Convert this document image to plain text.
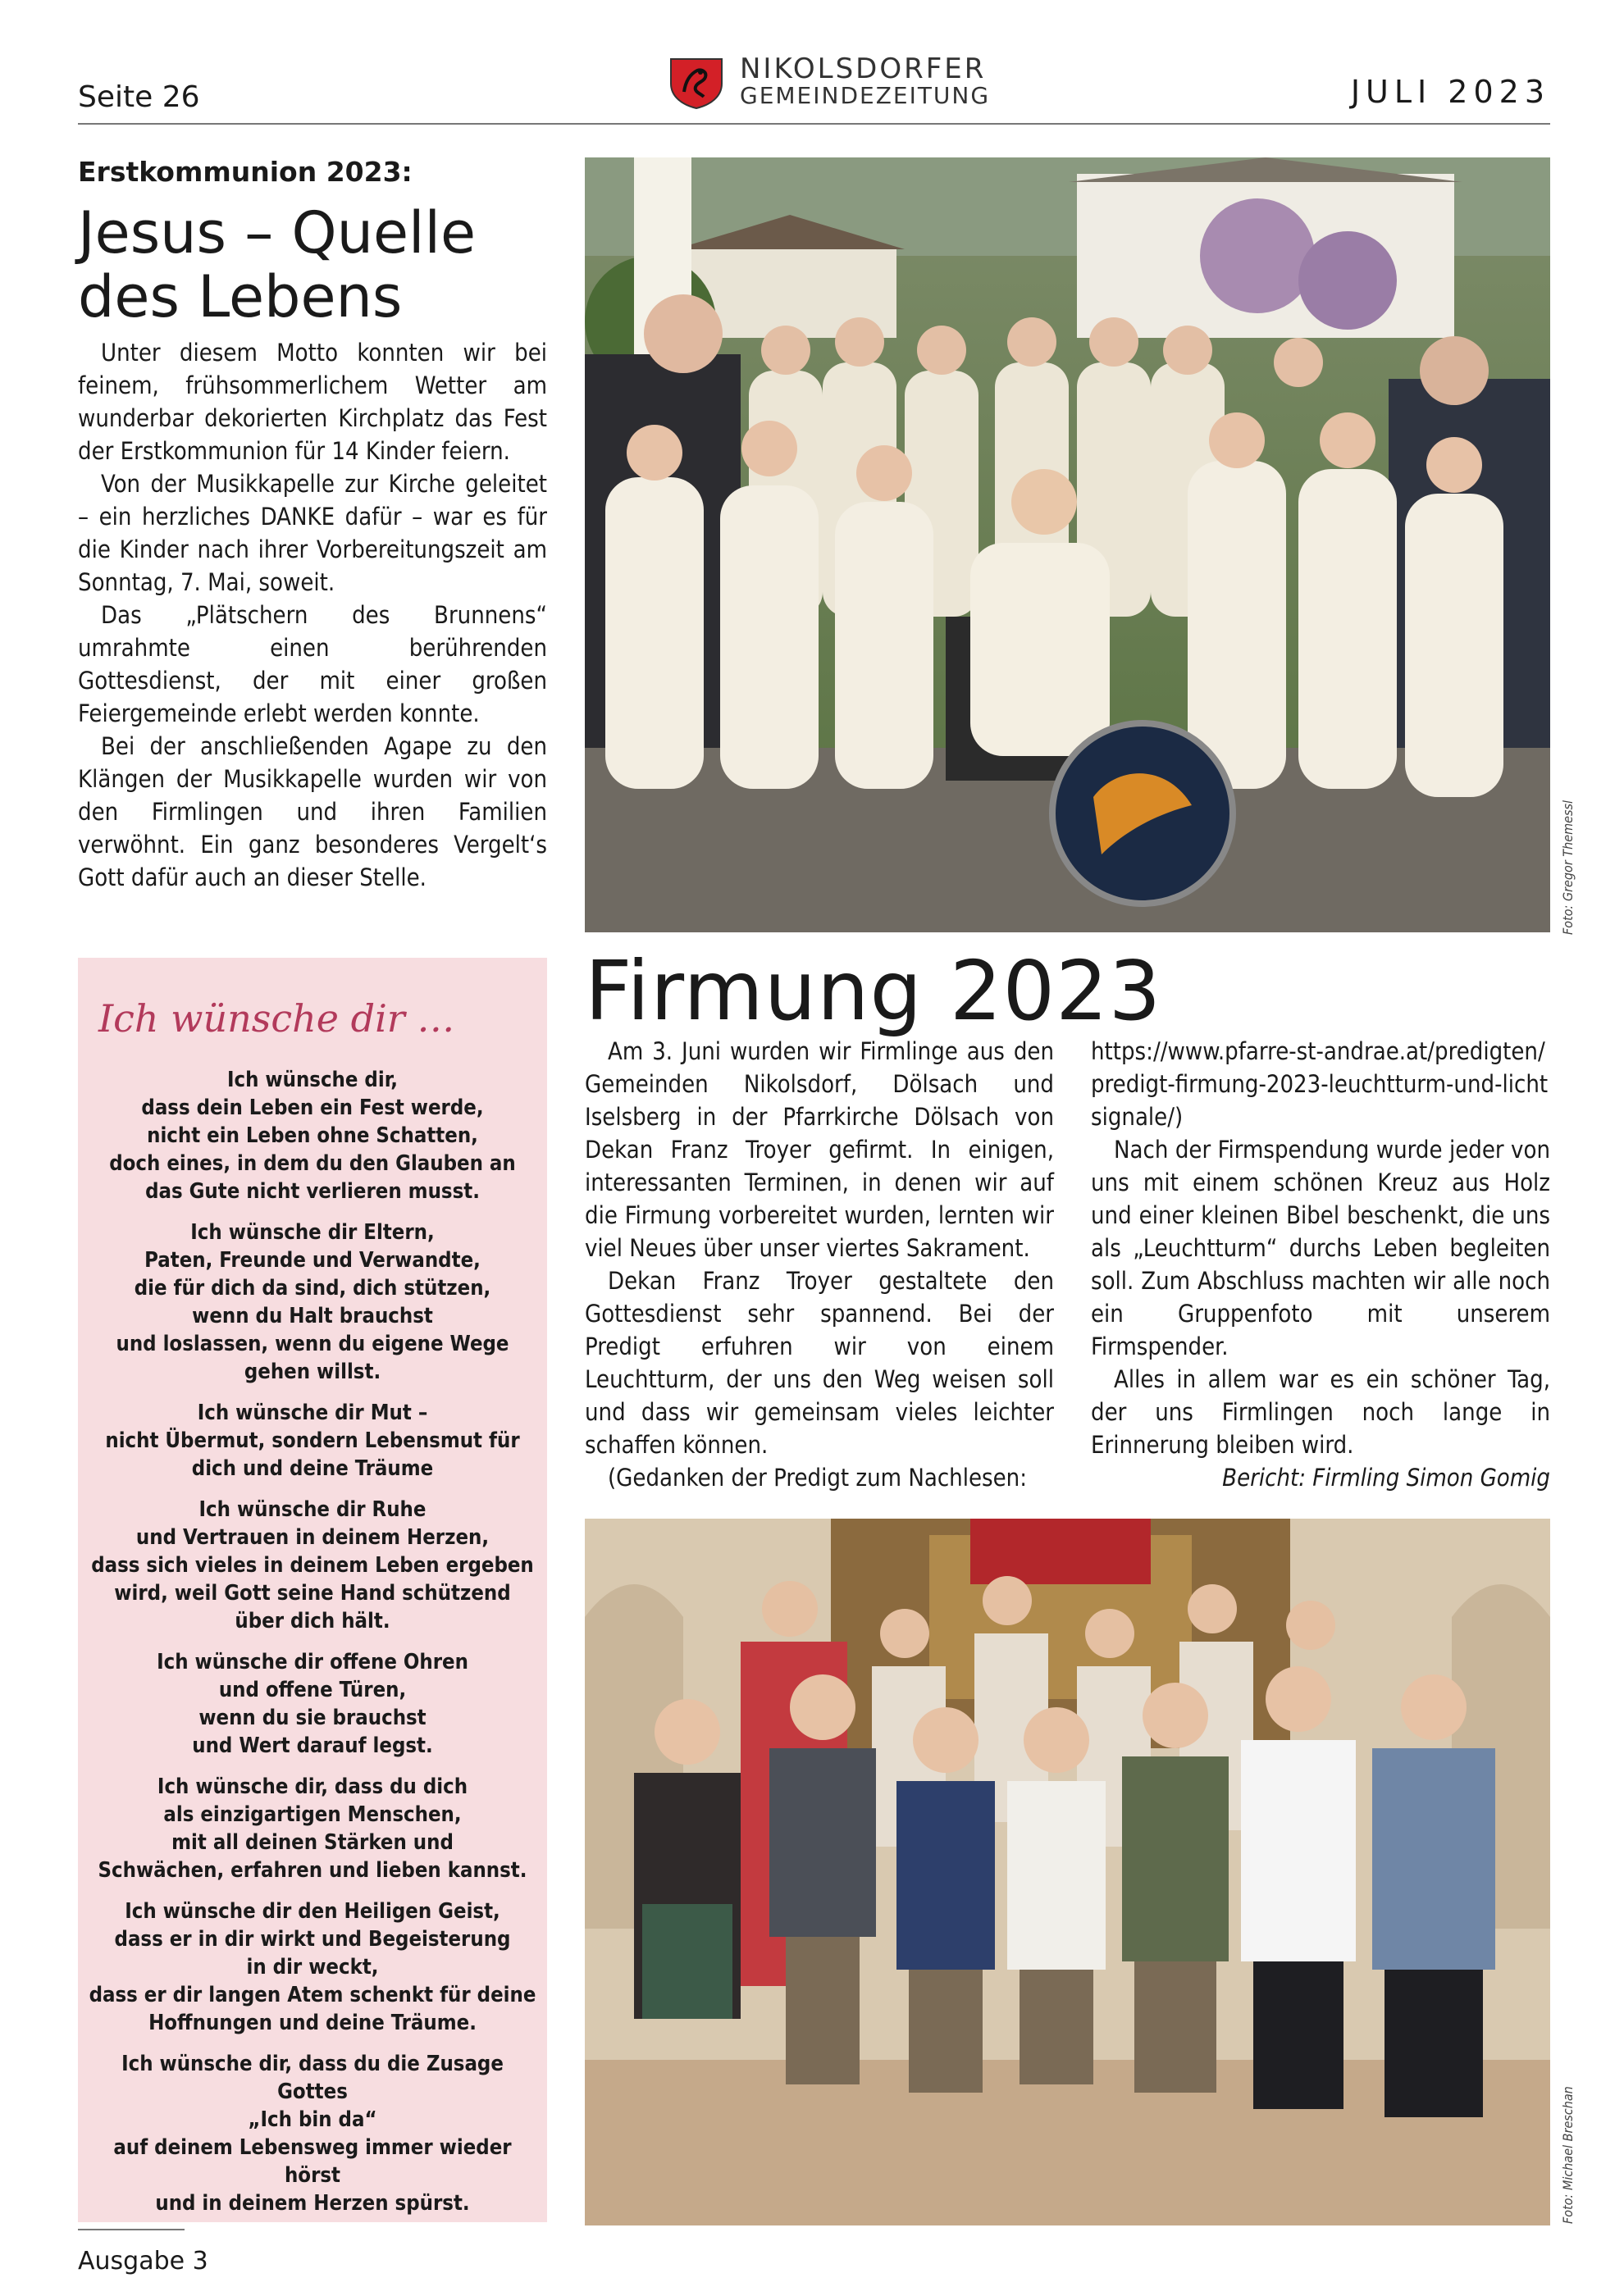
Seite 26
NIKOLSDORFER
GEMEINDEZEITUNG	JULI 2023
Erstkommunion 2023:
Jesus – Quelle des Lebens

Unter diesem Motto konnten wir bei feinem, frühsommerlichem Wetter am wunderbar dekorierten Kirchplatz das Fest der Erstkommunion für 14 Kinder feiern.

Von der Musikkapelle zur Kirche geleitet – ein herzliches DANKE dafür – war es für die Kinder nach ihrer Vorbereitungszeit am Sonntag, 7. Mai, soweit.

Das „Plätschern des Brunnens“ umrahmte einen berührenden Gottesdienst, der mit einer großen Feiergemeinde erlebt werden konnte.

Bei der anschließenden Agape zu den Klängen der Musikkapelle wurden wir von den Firmlingen und ihren Familien verwöhnt. Ein ganz besonderes Vergelt‘s Gott dafür auch an dieser Stelle.

Ich wünsche dir …
Ich wünsche dir,
dass dein Leben ein Fest werde,
nicht ein Leben ohne Schatten,
doch eines, in dem du den Glauben an das Gute nicht verlieren musst.
Ich wünsche dir Eltern,
Paten, Freunde und Verwandte,
die für dich da sind, dich stützen,
wenn du Halt brauchst
und loslassen, wenn du eigene Wege gehen willst.
Ich wünsche dir Mut –
nicht Übermut, sondern Lebensmut für dich und deine Träume
Ich wünsche dir Ruhe
und Vertrauen in deinem Herzen,
dass sich vieles in deinem Leben ergeben wird, weil Gott seine Hand schützend über dich hält.
Ich wünsche dir offene Ohren
und offene Türen,
wenn du sie brauchst
und Wert darauf legst.
Ich wünsche dir, dass du dich
als einzigartigen Menschen,
mit all deinen Stärken und
Schwächen, erfahren und lieben kannst.
Ich wünsche dir den Heiligen Geist,
dass er in dir wirkt und Begeisterung
in dir weckt,
dass er dir langen Atem schenkt für deine Hoffnungen und deine Träume.
Ich wünsche dir, dass du die Zusage Gottes
„Ich bin da“
auf deinem Lebensweg immer wieder hörst
und in deinem Herzen spürst.
Foto: Gregor Themessl
Firmung 2023

Am 3. Juni wurden wir Firmlinge aus den Gemeinden Nikolsdorf, Dölsach und Iselsberg in der Pfarrkirche Dölsach von Dekan Franz Troyer gefirmt. In einigen, interessanten Terminen, in denen wir auf die Firmung vorbereitet wurden, lernten wir viel Neues über unser viertes Sakrament.

Dekan Franz Troyer gestaltete den Gottesdienst sehr spannend. Bei der Predigt erfuhren wir von einem Leuchtturm, der uns den Weg weisen soll und dass wir gemeinsam vieles leichter schaffen können.

(Gedanken der Predigt zum Nachlesen:

https://www.pfarre-st-andrae.at/predigten/predigt-firmung-2023-leuchtturm-und-lichtsignale/)

Nach der Firmspendung wurde jeder von uns mit einem schönen Kreuz aus Holz und einer kleinen Bibel beschenkt, die uns als „Leuchtturm“ durchs Leben begleiten soll. Zum Abschluss machten wir alle noch ein Gruppenfoto mit unserem Firmspender.

Alles in allem war es ein schöner Tag, der uns Firmlingen noch lange in Erinnerung bleiben wird.

Bericht: Firmling Simon Gomig

Foto: Michael Breschan
Ausgabe 3
